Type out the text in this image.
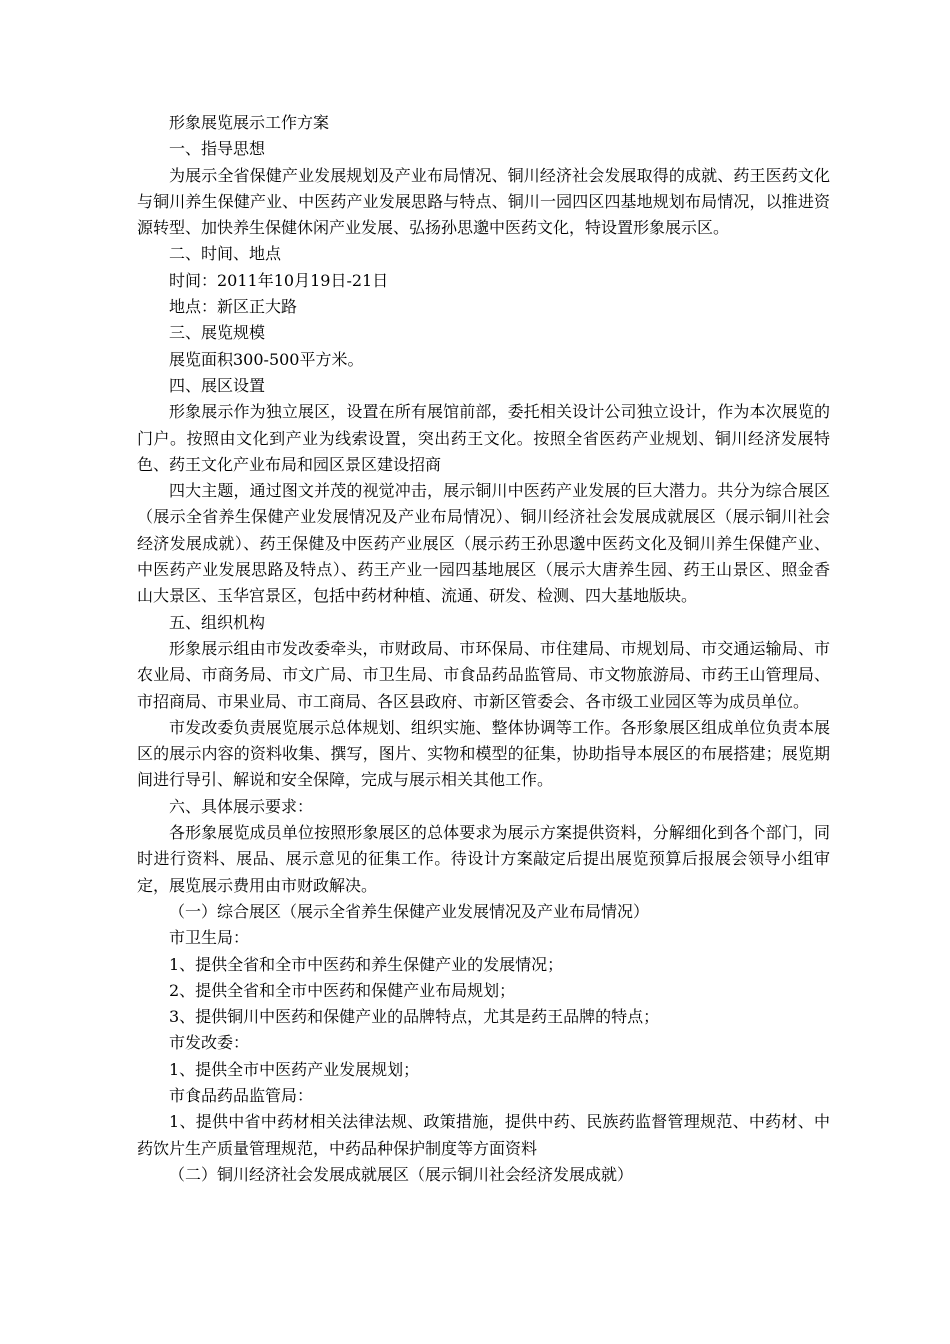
形象展览展示工作方案

一、指导思想

为展示全省保健产业发展规划及产业布局情况、铜川经济社会发展取得的成就、药王医药文化与铜川养生保健产业、中医药产业发展思路与特点、铜川一园四区四基地规划布局情况，以推进资源转型、加快养生保健休闲产业发展、弘扬孙思邈中医药文化，特设置形象展示区。

二、时间、地点

时间：2011年10月19日-21日

地点：新区正大路

三、展览规模

展览面积300-500平方米。

四、展区设置

形象展示作为独立展区，设置在所有展馆前部，委托相关设计公司独立设计，作为本次展览的门户。按照由文化到产业为线索设置，突出药王文化。按照全省医药产业规划、铜川经济发展特色、药王文化产业布局和园区景区建设招商

四大主题，通过图文并茂的视觉冲击，展示铜川中医药产业发展的巨大潜力。共分为综合展区（展示全省养生保健产业发展情况及产业布局情况）、铜川经济社会发展成就展区（展示铜川社会经济发展成就）、药王保健及中医药产业展区（展示药王孙思邈中医药文化及铜川养生保健产业、中医药产业发展思路及特点）、药王产业一园四基地展区（展示大唐养生园、药王山景区、照金香山大景区、玉华宫景区，包括中药材种植、流通、研发、检测、四大基地版块。

五、组织机构

形象展示组由市发改委牵头，市财政局、市环保局、市住建局、市规划局、市交通运输局、市农业局、市商务局、市文广局、市卫生局、市食品药品监管局、市文物旅游局、市药王山管理局、市招商局、市果业局、市工商局、各区县政府、市新区管委会、各市级工业园区等为成员单位。

市发改委负责展览展示总体规划、组织实施、整体协调等工作。各形象展区组成单位负责本展区的展示内容的资料收集、撰写，图片、实物和模型的征集，协助指导本展区的布展搭建；展览期间进行导引、解说和安全保障，完成与展示相关其他工作。

六、具体展示要求：

各形象展览成员单位按照形象展区的总体要求为展示方案提供资料，分解细化到各个部门，同时进行资料、展品、展示意见的征集工作。待设计方案敲定后提出展览预算后报展会领导小组审定，展览展示费用由市财政解决。

（一）综合展区（展示全省养生保健产业发展情况及产业布局情况）

市卫生局：

1、提供全省和全市中医药和养生保健产业的发展情况；

2、提供全省和全市中医药和保健产业布局规划；

3、提供铜川中医药和保健产业的品牌特点，尤其是药王品牌的特点；

市发改委：

1、提供全市中医药产业发展规划；

市食品药品监管局：

1、提供中省中药材相关法律法规、政策措施，提供中药、民族药监督管理规范、中药材、中药饮片生产质量管理规范，中药品种保护制度等方面资料

（二）铜川经济社会发展成就展区（展示铜川社会经济发展成就）
